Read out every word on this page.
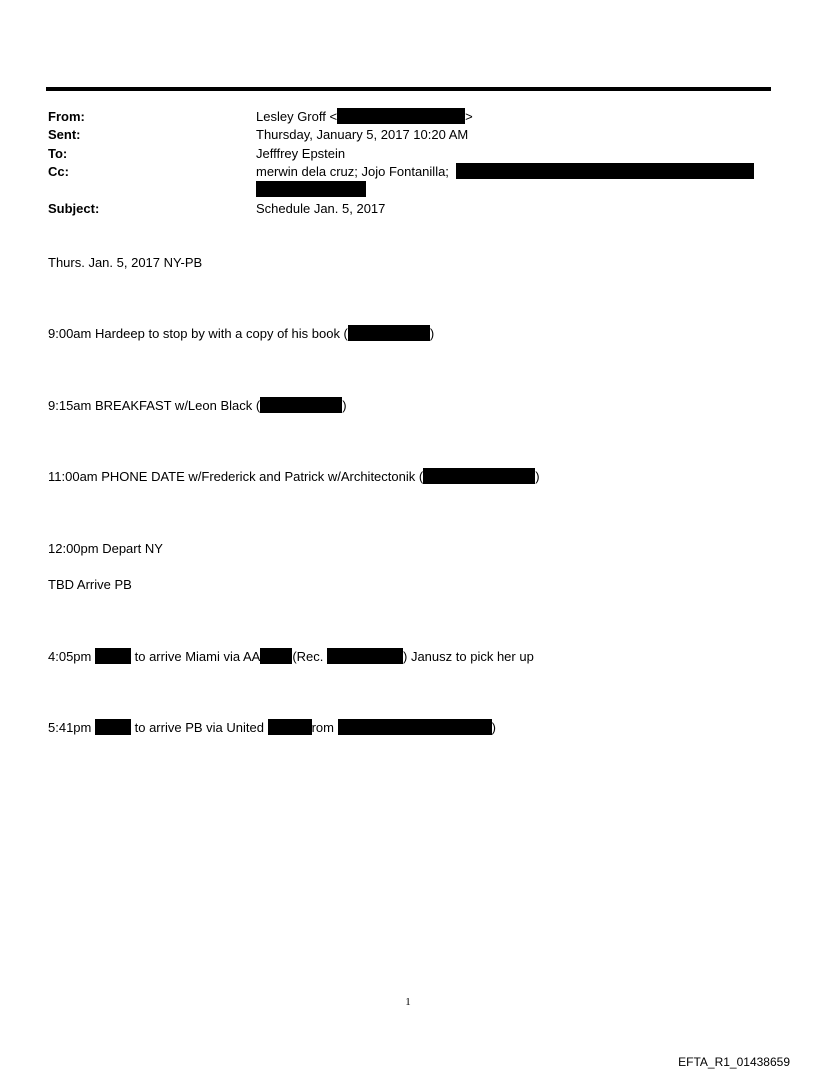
From:	Lesley Groff <	>
Sent:	Thursday, January 5, 2017 10:20 AM
To:	Jefffrey Epstein
Cc:	merwin dela cruz; Jojo Fontanilla;
Subject:	Schedule Jan. 5, 2017
Thurs. Jan. 5, 2017 NY-PB
9:00am Hardeep to stop by with a copy of his book (	)
9:15am BREAKFAST w/Leon Black (	)
11:00am PHONE DATE w/Frederick and Patrick w/Architectonik (	)
12:00pm Depart NY
TBD Arrive PB
4:05pm	to arrive Miami via AA (Rec.	) Janusz to pick her up
5:41pm	to arrive PB via United	rom	)
1
EFTA_R1_01438659
